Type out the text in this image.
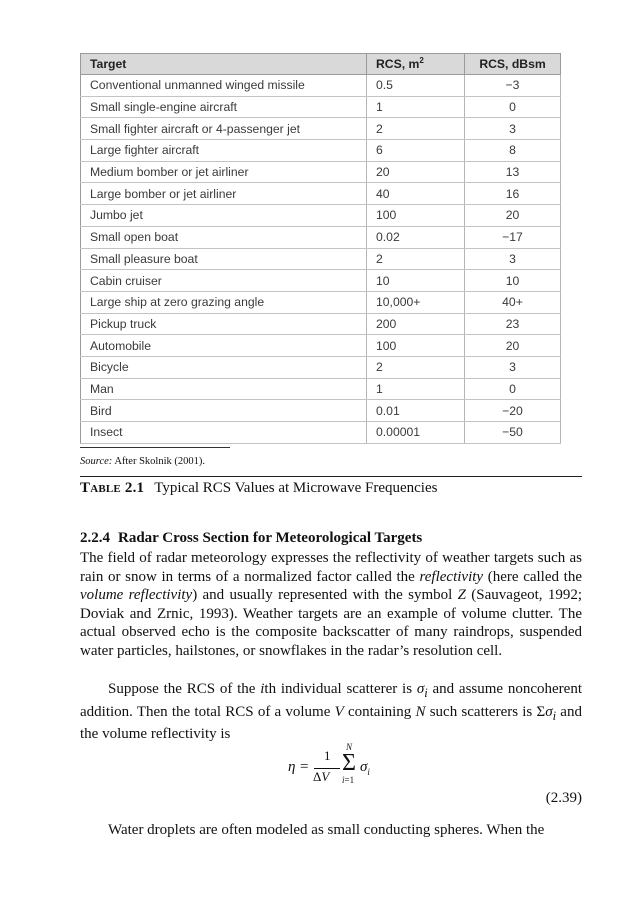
Target	RCS, $m^2$	RCS, dBsm
Conventional unmanned winged missile	0.5	−3
Small single-engine aircraft	1	0
Small fighter aircraft or 4-passenger jet	2	3
Large fighter aircraft	6	8
Medium bomber or jet airliner	20	13
Large bomber or jet airliner	40	16
Jumbo jet	100	20
Small open boat	0.02	−17
Small pleasure boat	2	3
Cabin cruiser	10	10
Large ship at zero grazing angle	10,000+	40+
Pickup truck	200	23
Automobile	100	20
Bicycle	2	3
Man	1	0
Bird	0.01	−20
Insect	0.00001	−50
Source: After Skolnik (2001).
Table 2.1 Typical RCS Values at Microwave Frequencies
2.2.4 Radar Cross Section for Meteorological Targets

The field of radar meteorology expresses the reflectivity of weather targets such as rain or snow in terms of a normalized factor called the reflectivity (here called the volume reflectivity) and usually represented with the symbol Z (Sauvageot, 1992; Doviak and Zrnic, 1993). Weather targets are an example of volume clutter. The actual observed echo is the composite backscatter of many raindrops, suspended water particles, hailstones, or snowflakes in the radar’s resolution cell.

Suppose the RCS of the ith individual scatterer is $\sigma_i$ and assume noncoherent addition. Then the total RCS of a volume V containing N such scatterers is $\Sigma\sigma_i$ and the volume reflectivity is

η =
1
ΔV
Σ
N
i=1
$\sigma_i$
(2.39)

Water droplets are often modeled as small conducting spheres. When the
